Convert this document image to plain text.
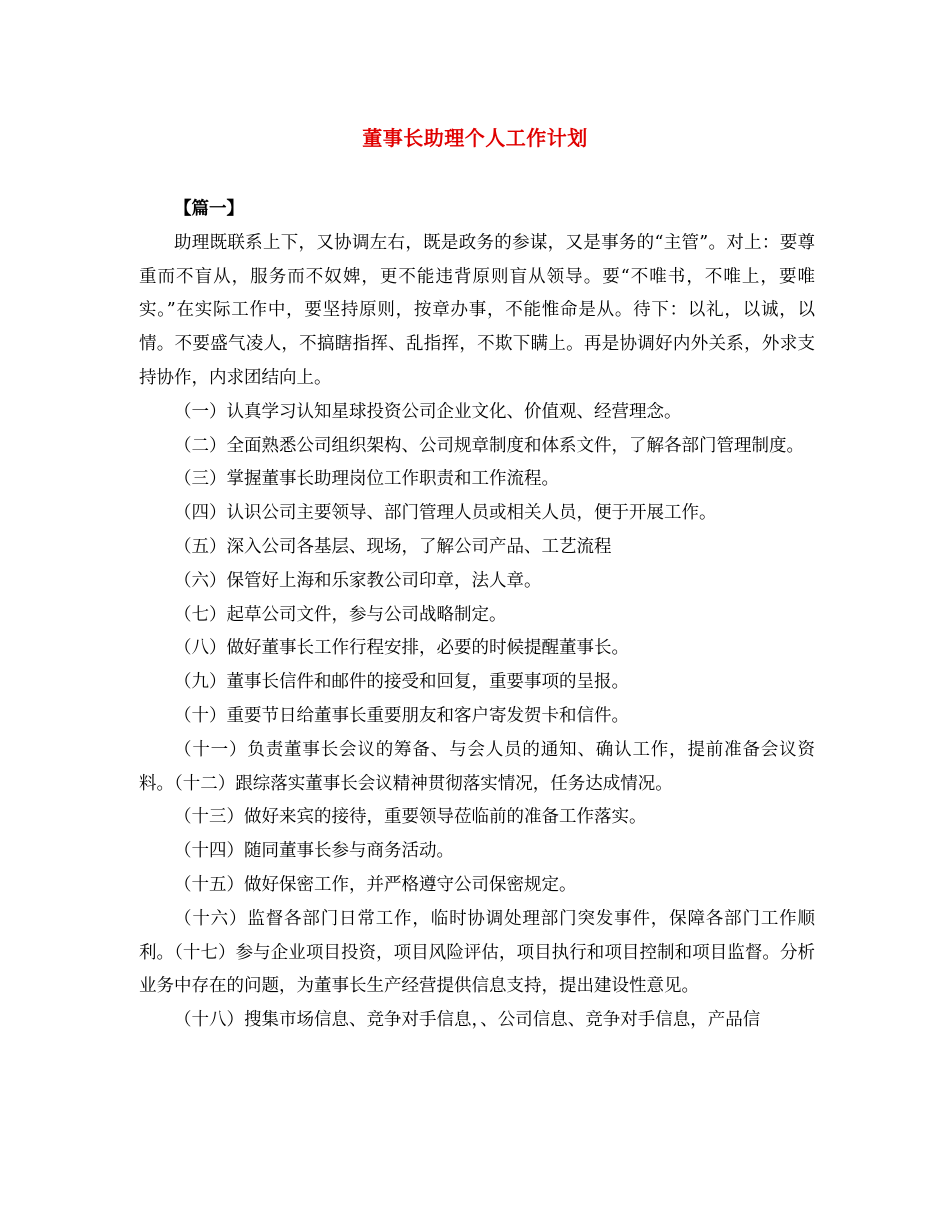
董事长助理个人工作计划

【篇一】

助理既联系上下，又协调左右，既是政务的参谋，又是事务的“主管”。对上：要尊重而不盲从，服务而不奴婢，更不能违背原则盲从领导。要“不唯书，不唯上，要唯实。”在实际工作中，要坚持原则，按章办事，不能惟命是从。待下：以礼，以诚，以情。不要盛气凌人，不搞瞎指挥、乱指挥，不欺下瞒上。再是协调好内外关系，外求支持协作，内求团结向上。

（一）认真学习认知星球投资公司企业文化、价值观、经营理念。

（二）全面熟悉公司组织架构、公司规章制度和体系文件，了解各部门管理制度。

（三）掌握董事长助理岗位工作职责和工作流程。

（四）认识公司主要领导、部门管理人员或相关人员，便于开展工作。

（五）深入公司各基层、现场，了解公司产品、工艺流程

（六）保管好上海和乐家教公司印章，法人章。

（七）起草公司文件，参与公司战略制定。

（八）做好董事长工作行程安排，必要的时候提醒董事长。

（九）董事长信件和邮件的接受和回复，重要事项的呈报。

（十）重要节日给董事长重要朋友和客户寄发贺卡和信件。

（十一）负责董事长会议的筹备、与会人员的通知、确认工作，提前准备会议资料。（十二）跟综落实董事长会议精神贯彻落实情况，任务达成情况。

（十三）做好来宾的接待，重要领导莅临前的准备工作落实。

（十四）随同董事长参与商务活动。

（十五）做好保密工作，并严格遵守公司保密规定。

（十六）监督各部门日常工作，临时协调处理部门突发事件，保障各部门工作顺利。（十七）参与企业项目投资，项目风险评估，项目执行和项目控制和项目监督。分析业务中存在的问题，为董事长生产经营提供信息支持，提出建设性意见。

（十八）搜集市场信息、竞争对手信息，、公司信息、竞争对手信息，产品信
